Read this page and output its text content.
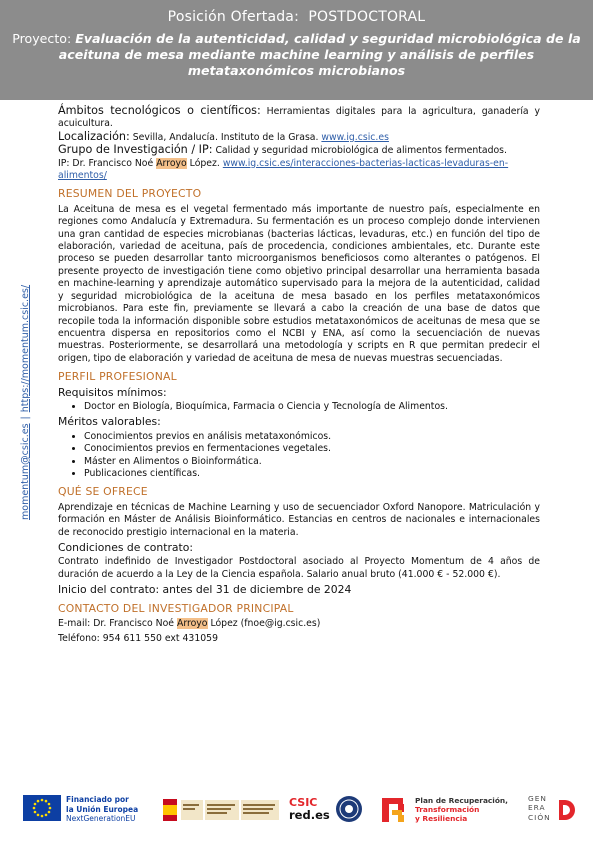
Posición Ofertada: POSTDOCTORAL
Proyecto: Evaluación de la autenticidad, calidad y seguridad microbiológica de la aceituna de mesa mediante machine learning y análisis de perfiles metataxonómicos microbianos
momentum@csic.es|https://momentum.csic.es/

Ámbitos tecnológicos o científicos: Herramientas digitales para la agricultura, ganadería y acuicultura.

Localización: Sevilla, Andalucía. Instituto de la Grasa. www.ig.csic.es

Grupo de Investigación / IP: Calidad y seguridad microbiológica de alimentos fermentados.
IP: Dr. Francisco Noé Arroyo López. www.ig.csic.es/interacciones-bacterias-lacticas-levaduras-en-alimentos/

RESUMEN DEL PROYECTO

La Aceituna de mesa es el vegetal fermentado más importante de nuestro país, especialmente en regiones como Andalucía y Extremadura. Su fermentación es un proceso complejo donde intervienen una gran cantidad de especies microbianas (bacterias lácticas, levaduras, etc.) en función del tipo de elaboración, variedad de aceituna, país de procedencia, condiciones ambientales, etc. Durante este proceso se pueden desarrollar tanto microorganismos beneficiosos como alterantes o patógenos. El presente proyecto de investigación tiene como objetivo principal desarrollar una herramienta basada en machine-learning y aprendizaje automático supervisado para la mejora de la autenticidad, calidad y seguridad microbiológica de la aceituna de mesa basado en los perfiles metataxonómicos microbianos. Para este fin, previamente se llevará a cabo la creación de una base de datos que recopile toda la información disponible sobre estudios metataxonómicos de aceitunas de mesa que se encuentra dispersa en repositorios como el NCBI y ENA, así como la secuenciación de nuevas muestras. Posteriormente, se desarrollará una metodología y scripts en R que permitan predecir el origen, tipo de elaboración y variedad de aceituna de mesa de nuevas muestras secuenciadas.

PERFIL PROFESIONAL
Requisitos mínimos:
• Doctor en Biología, Bioquímica, Farmacia o Ciencia y Tecnología de Alimentos.
Méritos valorables:
• Conocimientos previos en análisis metataxonómicos.
• Conocimientos previos en fermentaciones vegetales.
• Máster en Alimentos o Bioinformática.
• Publicaciones científicas.
QUÉ SE OFRECE

Aprendizaje en técnicas de Machine Learning y uso de secuenciador Oxford Nanopore. Matriculación y formación en Máster de Análisis Bioinformático. Estancias en centros de nacionales e internacionales de reconocido prestigio internacional en la materia.

Condiciones de contrato:

Contrato indefinido de Investigador Postdoctoral asociado al Proyecto Momentum de 4 años de duración de acuerdo a la Ley de la Ciencia española. Salario anual bruto (41.000 € - 52.000 €).

Inicio del contrato: antes del 31 de diciembre de 2024
CONTACTO DEL INVESTIGADOR PRINCIPAL

E-mail: Dr. Francisco Noé Arroyo López (fnoe@ig.csic.es)

Teléfono: 954 611 550 ext 431059

Financiado por
la Unión Europea
NextGenerationEU
CSIC
red.es
Plan de Recuperación,
Transformación
y Resiliencia
GEN
ERA
CIÓN
